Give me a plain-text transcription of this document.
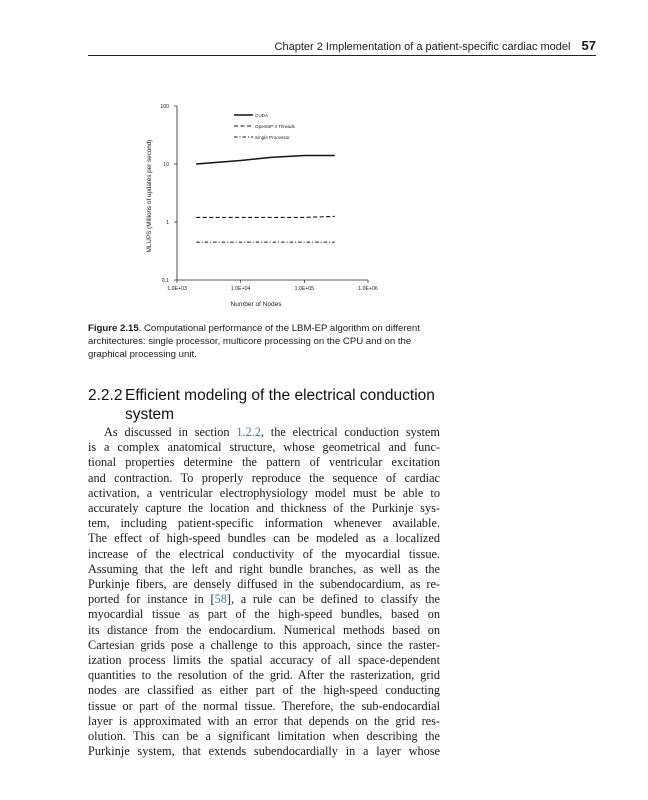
Chapter 2 Implementation of a patient-specific cardiac model 57
1.0E+03	1.0E+04	1.0E+05	1.0E+06
0.1
1
10
100
CUDA
OpenMP 4 Threads
Single Processor
Number of Nodes
MLUPS (Millions of updates per second)
Figure 2.15. Computational performance of the LBM-EP algorithm on different
architectures: single processor, multicore processing on the CPU and on the
graphical processing unit.
2.2.2 Efficient modeling of the electrical conduction
system
As discussed in section 1.2.2, the electrical conduction system
is a complex anatomical structure, whose geometrical and func-
tional properties determine the pattern of ventricular excitation
and contraction. To properly reproduce the sequence of cardiac
activation, a ventricular electrophysiology model must be able to
accurately capture the location and thickness of the Purkinje sys-
tem, including patient-specific information whenever available.
The effect of high-speed bundles can be modeled as a localized
increase of the electrical conductivity of the myocardial tissue.
Assuming that the left and right bundle branches, as well as the
Purkinje fibers, are densely diffused in the subendocardium, as re-
ported for instance in [58], a rule can be defined to classify the
myocardial tissue as part of the high-speed bundles, based on
its distance from the endocardium. Numerical methods based on
Cartesian grids pose a challenge to this approach, since the raster-
ization process limits the spatial accuracy of all space-dependent
quantities to the resolution of the grid. After the rasterization, grid
nodes are classified as either part of the high-speed conducting
tissue or part of the normal tissue. Therefore, the sub-endocardial
layer is approximated with an error that depends on the grid res-
olution. This can be a significant limitation when describing the
Purkinje system, that extends subendocardially in a layer whose
